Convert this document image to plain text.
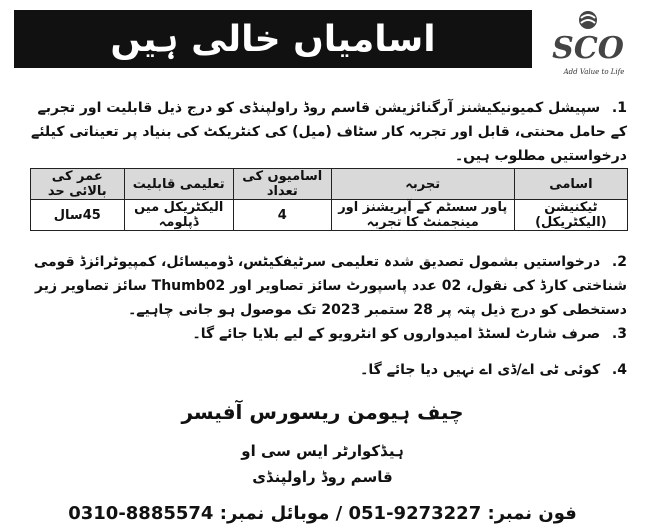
اسامیاں خالی ہیں	SCO
Add Value to Life
1. سپیشل کمیونیکیشنز آرگنائزیشن قاسم روڈ راولپنڈی کو درج ذیل قابلیت اور تجربے کے حامل محنتی، قابل اور تجربہ کار سٹاف (میل) کی کنٹریکٹ کی بنیاد پر تعیناتی کیلئے درخواستیں مطلوب ہیں۔
اسامی	تجربہ	اسامیوں کی تعداد	تعلیمی قابلیت	عمر کی بالائی حد
ٹیکنیشن (الیکٹریکل)	پاور سسٹم کے آپریشنز اور مینجمنٹ کا تجربہ	4	الیکٹریکل میں ڈپلومہ	45سال
2. درخواستیں بشمول تصدیق شدہ تعلیمی سرٹیفکیٹس، ڈومیسائل، کمپیوٹرائزڈ قومی شناختی کارڈ کی نقول، 02 عدد پاسپورٹ سائز تصاویر اور Thumb02 سائز تصاویر زیر دستخطی کو درج ذیل پتہ پر 28 ستمبر 2023 تک موصول ہو جانی چاہیے۔
3. صرف شارٹ لسٹڈ امیدواروں کو انٹرویو کے لیے بلایا جائے گا۔
4. کوئی ٹی اے/ڈی اے نہیں دیا جائے گا۔
چیف ہیومن ریسورس آفیسر
ہیڈکوارٹر ایس سی او
قاسم روڈ راولپنڈی
فون نمبر: 051-9273227 / موبائل نمبر: 0310-8885574
